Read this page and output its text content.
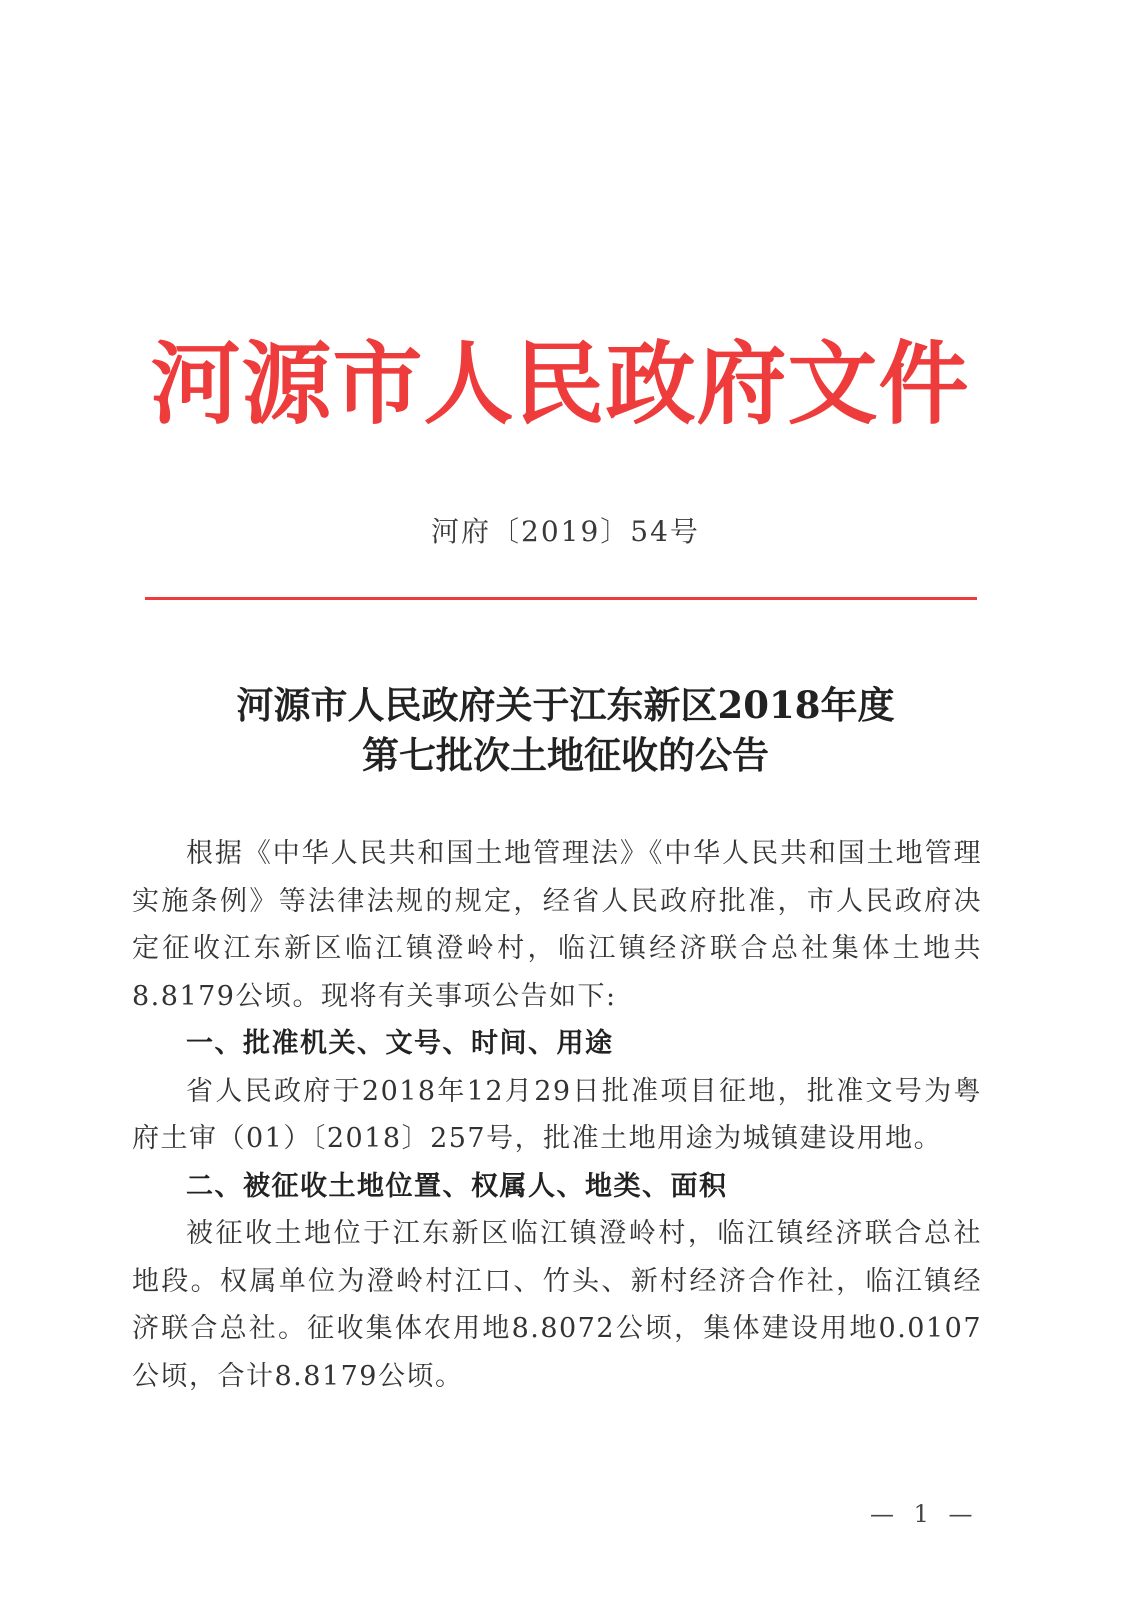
河源市人民政府文件
河府〔2019〕54号
河源市人民政府关于江东新区2018年度
第七批次土地征收的公告

根据《中华人民共和国土地管理法》《中华人民共和国土地管理实施条例》等法律法规的规定，经省人民政府批准，市人民政府决定征收江东新区临江镇澄岭村，临江镇经济联合总社集体土地共8.8179公顷。现将有关事项公告如下:

一、批准机关、文号、时间、用途

省人民政府于2018年12月29日批准项目征地，批准文号为粤府土审（01）〔2018〕257号，批准土地用途为城镇建设用地。

二、被征收土地位置、权属人、地类、面积

被征收土地位于江东新区临江镇澄岭村，临江镇经济联合总社地段。权属单位为澄岭村江口、竹头、新村经济合作社，临江镇经济联合总社。征收集体农用地8.8072公顷，集体建设用地0.0107公顷，合计8.8179公顷。

— 1 —
